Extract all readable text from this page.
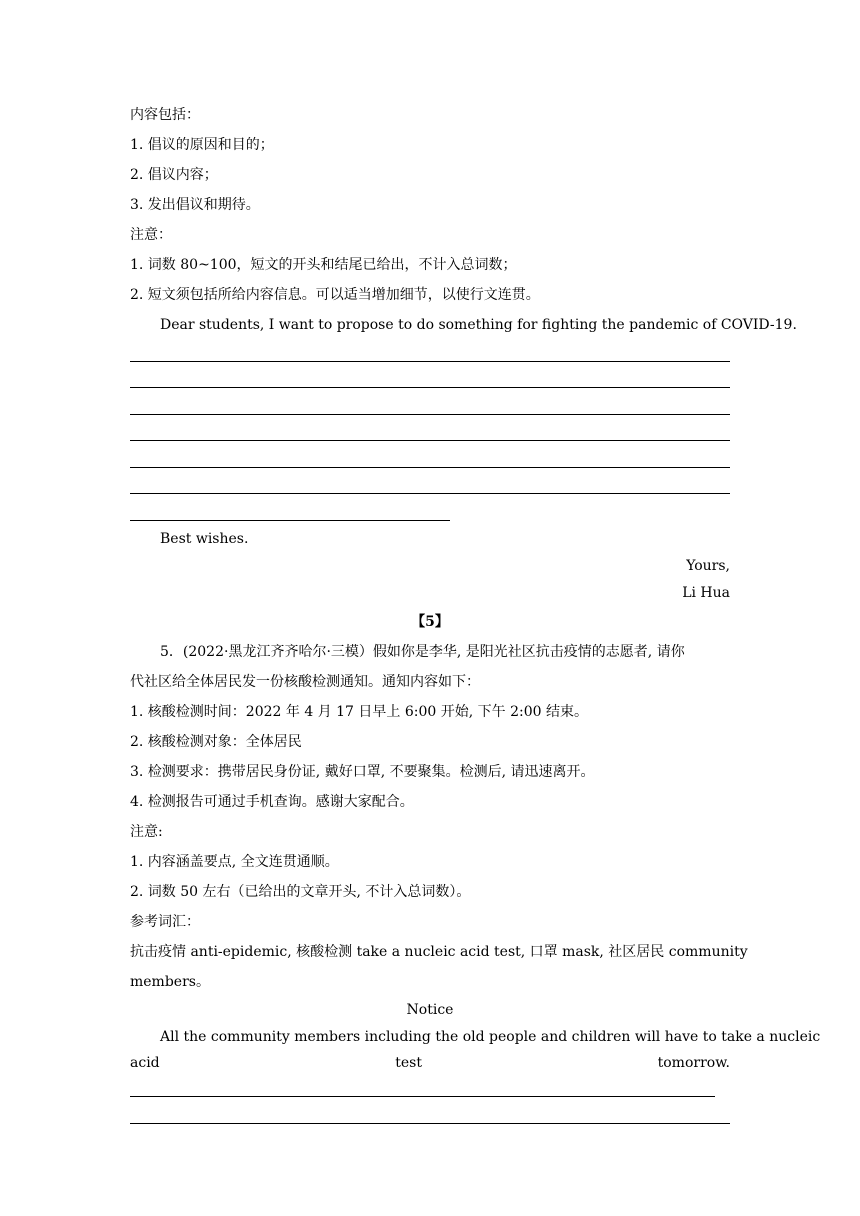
内容包括：
1. 倡议的原因和目的；
2. 倡议内容；
3. 发出倡议和期待。
注意：
1. 词数 80~100，短文的开头和结尾已给出，不计入总词数；
2. 短文须包括所给内容信息。可以适当增加细节，以使行文连贯。
Dear students, I want to propose to do something for fighting the pandemic of COVID-19.
Best wishes.
Yours,
Li Hua
【5】
5．(2022·黑龙江齐齐哈尔·三模）假如你是李华, 是阳光社区抗击疫情的志愿者, 请你
代社区给全体居民发一份核酸检测通知。通知内容如下：
1. 核酸检测时间：2022 年 4 月 17 日早上 6:00 开始, 下午 2:00 结束。
2. 核酸检测对象：全体居民
3. 检测要求：携带居民身份证, 戴好口罩, 不要聚集。检测后, 请迅速离开。
4. 检测报告可通过手机查询。感谢大家配合。
注意:
1. 内容涵盖要点, 全文连贯通顺。
2. 词数 50 左右（已给出的文章开头, 不计入总词数）。
参考词汇：
抗击疫情 anti-epidemic, 核酸检测 take a nucleic acid test, 口罩 mask, 社区居民 community
members。
Notice
All the community members including the old people and children will have to take a nucleic
acid	test	tomorrow.
